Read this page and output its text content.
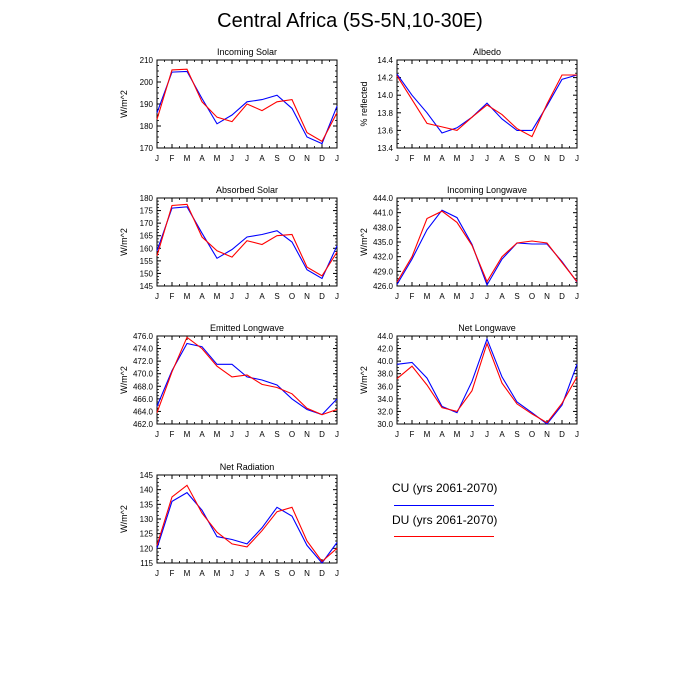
Central Africa (5S-5N,10-30E)
Incoming Solar
W/m^2
J F M A M J J A S O N D J
170
180
190
200
210
Albedo
% reflected
J F M A M J J A S O N D J
13.4
13.6
13.8
14.0
14.2
14.4
Absorbed Solar
W/m^2
J F M A M J J A S O N D J
145
150
155
160
165
170
175
180
Incoming Longwave
W/m^2
J F M A M J J A S O N D J
426.0
429.0
432.0
435.0
438.0
441.0
444.0
Emitted Longwave
W/m^2
J F M A M J J A S O N D J
462.0
464.0
466.0
468.0
470.0
472.0
474.0
476.0
Net Longwave
W/m^2
J F M A M J J A S O N D J
30.0
32.0
34.0
36.0
38.0
40.0
42.0
44.0
Net Radiation
W/m^2
J F M A M J J A S O N D J
115
120
125
130
135
140
145
CU (yrs 2061-2070)
DU (yrs 2061-2070)
